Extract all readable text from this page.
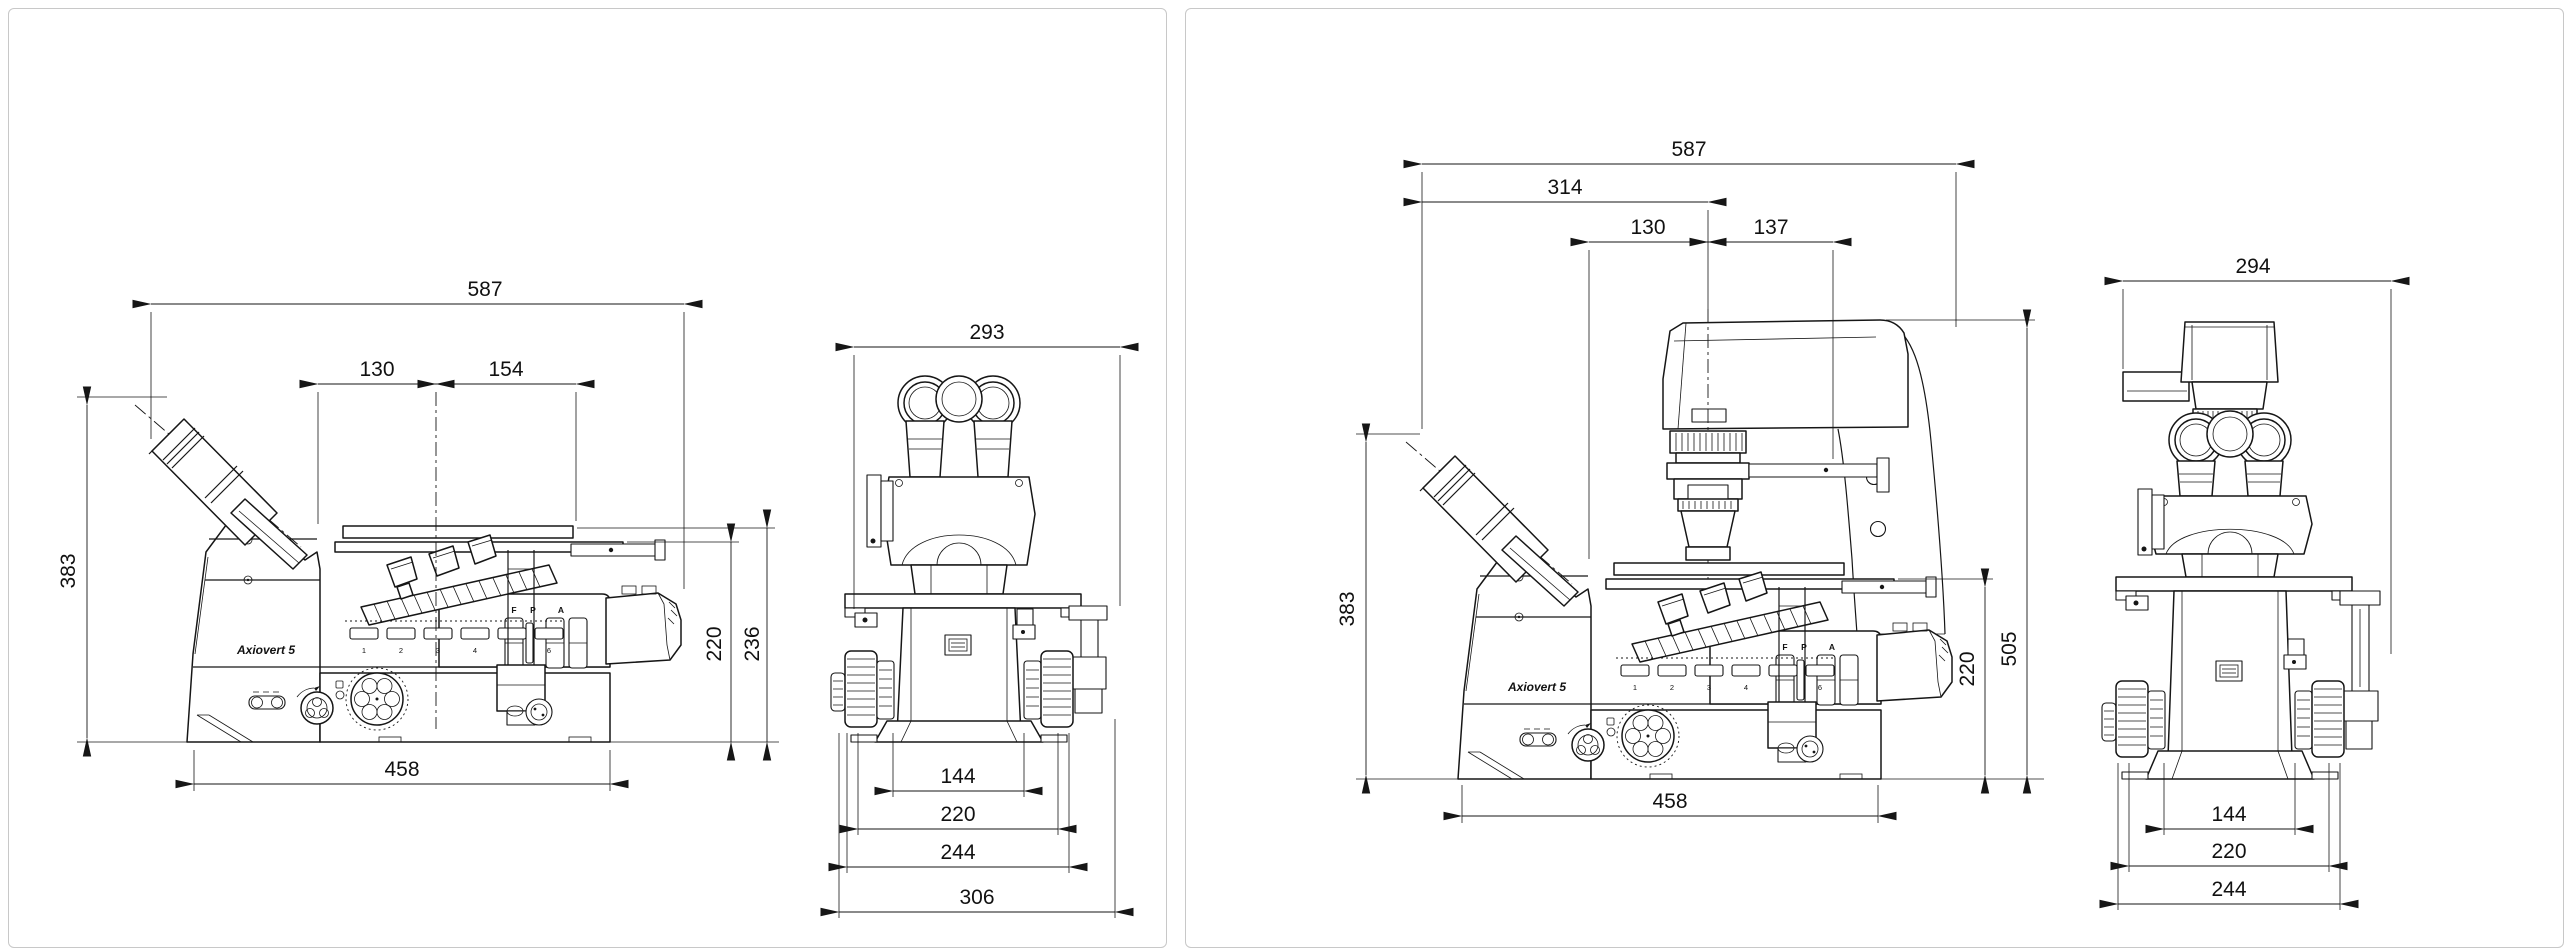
Axiovert 5
F P	A
1	2	3	4	6
587
130	154
383
220 236
458
293
144
220
244
306
Axiovert 5
F P	A
1	2	3	4	6
587
314
130	137
383
505
220
458
294
144
220
244
